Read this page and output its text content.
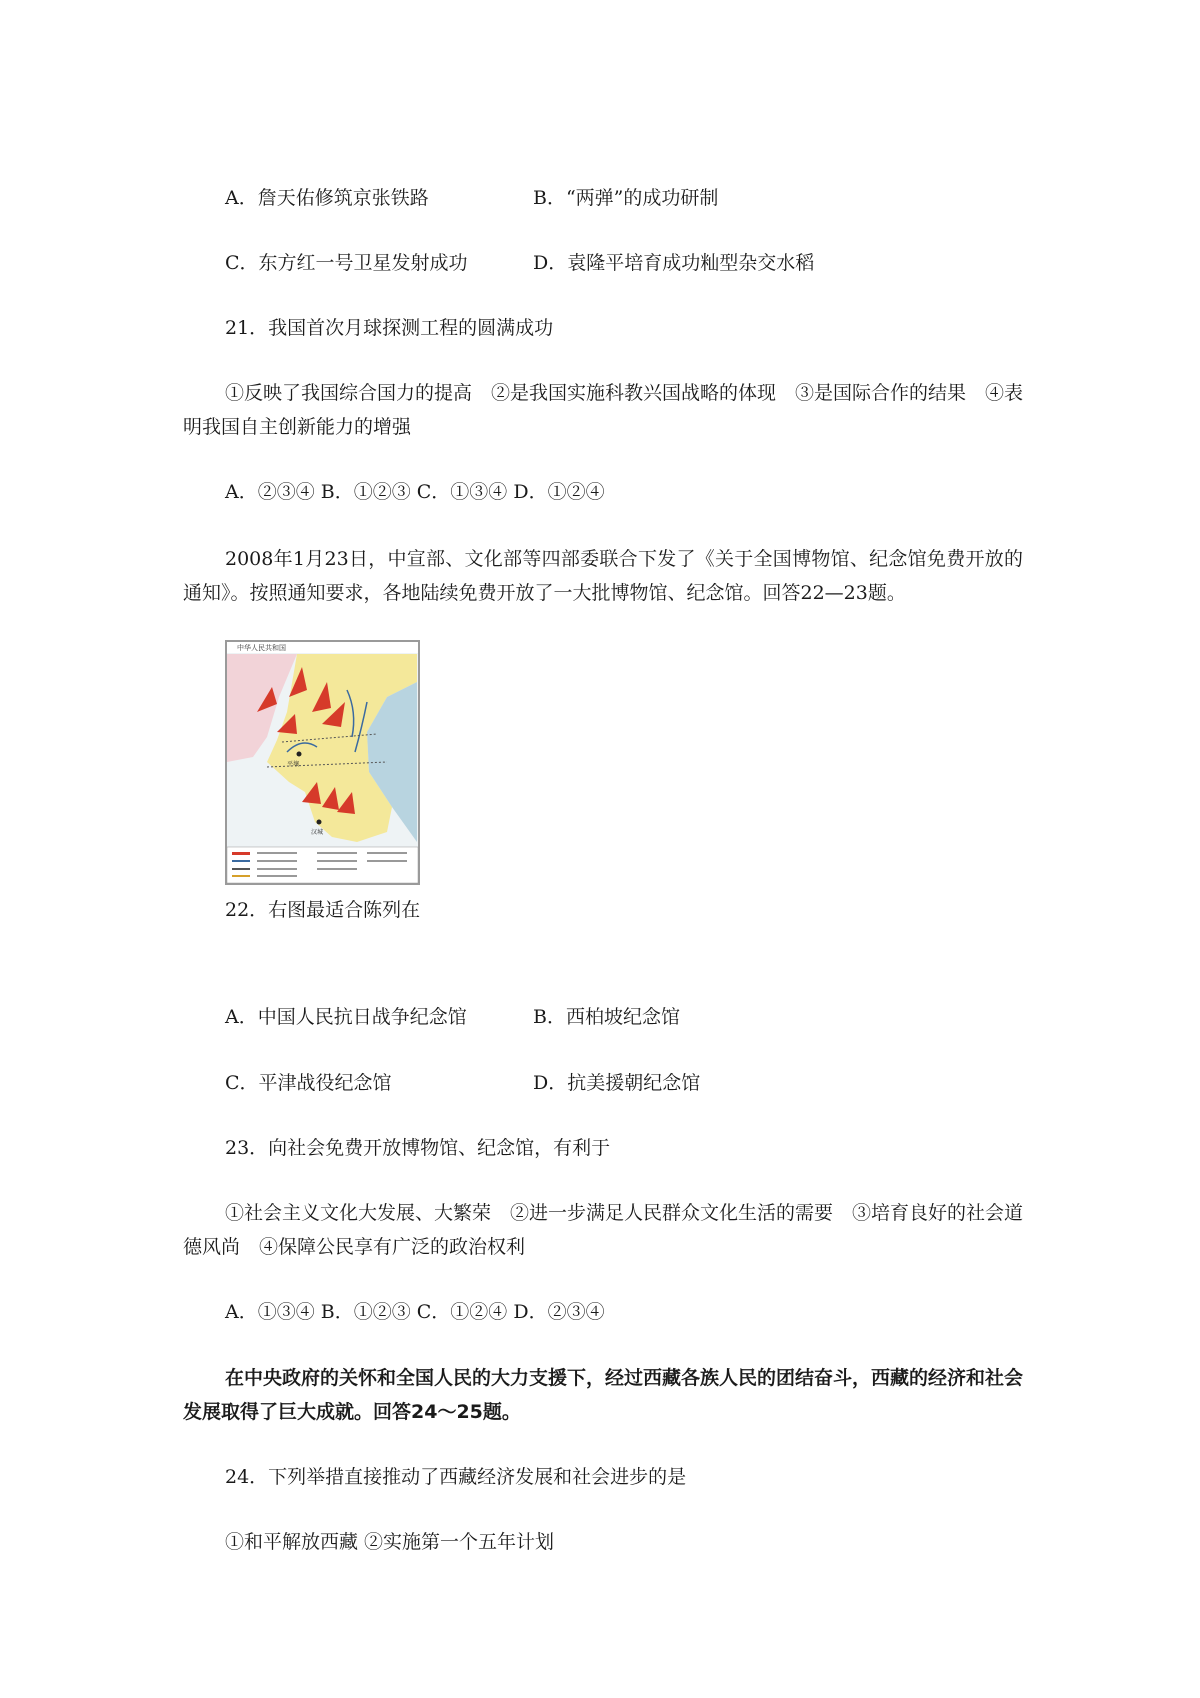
A．詹天佑修筑京张铁路	B．“两弹”的成功研制
C．东方红一号卫星发射成功	D．袁隆平培育成功籼型杂交水稻
21．我国首次月球探测工程的圆满成功
①反映了我国综合国力的提高　②是我国实施科教兴国战略的体现　③是国际合作的结果　④表明我国自主创新能力的增强
A．②③④ B．①②③ C．①③④ D．①②④
2008年1月23日，中宣部、文化部等四部委联合下发了《关于全国博物馆、纪念馆免费开放的通知》。按照通知要求，各地陆续免费开放了一大批博物馆、纪念馆。回答22—23题。
中华人民共和国
平壤
汉城
22．右图最适合陈列在
A．中国人民抗日战争纪念馆	B．西柏坡纪念馆
C．平津战役纪念馆	D．抗美援朝纪念馆
23．向社会免费开放博物馆、纪念馆，有利于
①社会主义文化大发展、大繁荣　②进一步满足人民群众文化生活的需要　③培育良好的社会道德风尚　④保障公民享有广泛的政治权利
A．①③④ B．①②③ C．①②④ D．②③④
在中央政府的关怀和全国人民的大力支援下，经过西藏各族人民的团结奋斗，西藏的经济和社会发展取得了巨大成就。回答24～25题。
24．下列举措直接推动了西藏经济发展和社会进步的是
①和平解放西藏 ②实施第一个五年计划
